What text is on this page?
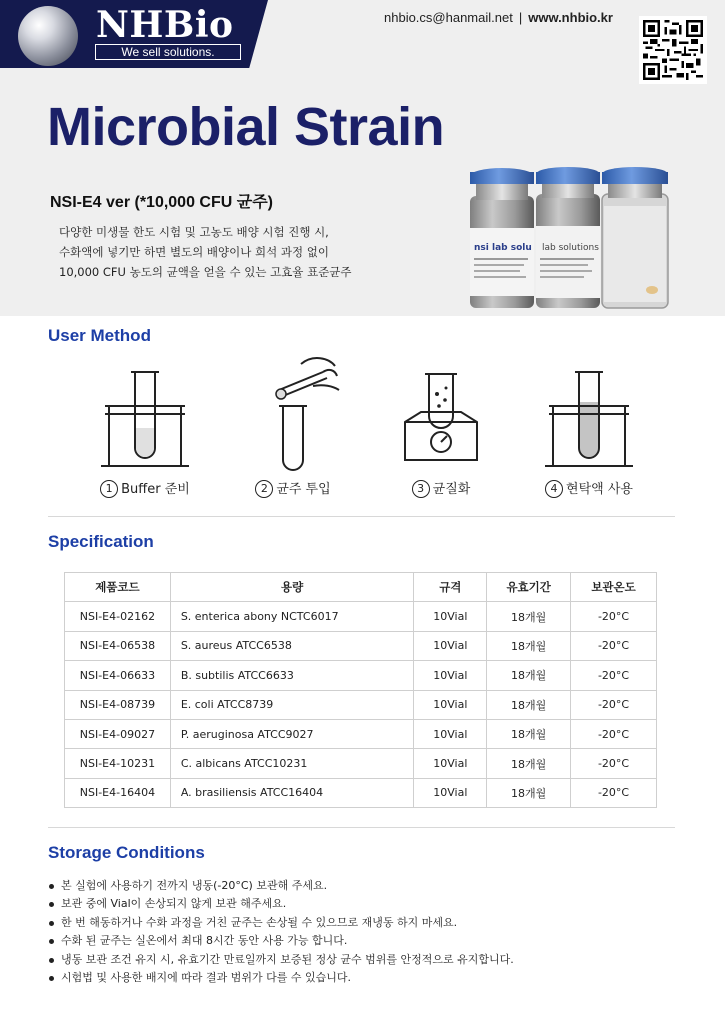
NHBio
We sell solutions.
nhbio.cs@hanmail.net | www.nhbio.kr
Microbial Strain
NSI-E4 ver (*10,000 CFU 균주)
다양한 미생물 한도 시험 및 고농도 배양 시험 진행 시,
수화액에 넣기만 하면 별도의 배양이나 희석 과정 없이
10,000 CFU 농도의 균액을 얻을 수 있는 고효율 표준균주
nsi lab solu lab solutions
User Method
1 Buffer 준비	2 균주 투입	3 균질화	4 현탁액 사용
Specification
제품코드	용량	규격	유효기간	보관온도
NSI-E4-02162	S. enterica abony NCTC6017	10Vial	18개월	-20°C
NSI-E4-06538	S. aureus ATCC6538	10Vial	18개월	-20°C
NSI-E4-06633	B. subtilis ATCC6633	10Vial	18개월	-20°C
NSI-E4-08739	E. coli ATCC8739	10Vial	18개월	-20°C
NSI-E4-09027	P. aeruginosa ATCC9027	10Vial	18개월	-20°C
NSI-E4-10231	C. albicans ATCC10231	10Vial	18개월	-20°C
NSI-E4-16404	A. brasiliensis ATCC16404	10Vial	18개월	-20°C
Storage Conditions
본 실험에 사용하기 전까지 냉동(-20°C) 보관해 주세요.
보관 중에 Vial이 손상되지 않게 보관 해주세요.
한 번 해동하거나 수화 과정을 거친 균주는 손상될 수 있으므로 재냉동 하지 마세요.
수화 된 균주는 실온에서 최대 8시간 동안 사용 가능 합니다.
냉동 보관 조건 유지 시, 유효기간 만료일까지 보증된 정상 균수 범위를 안정적으로 유지합니다.
시험법 및 사용한 배지에 따라 결과 범위가 다를 수 있습니다.
